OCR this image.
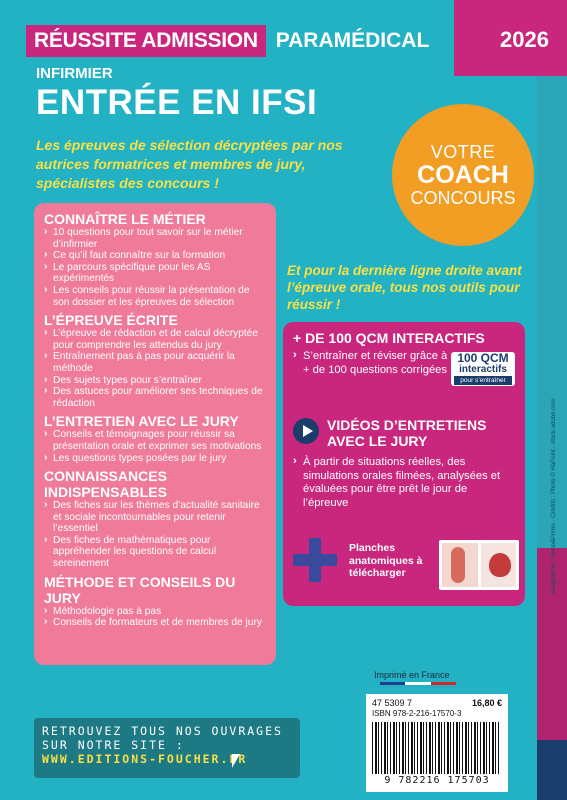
RÉUSSITE ADMISSION PARAMÉDICAL	2026
INFIRMIER
ENTRÉE EN IFSI
Les épreuves de sélection décryptées par nos autrices formatrices et membres de jury, spécialistes des concours !
VOTRE
COACH
CONCOURS
CONNAÎTRE LE MÉTIER
› 10 questions pour tout savoir sur le métier d’infirmier
› Ce qu’il faut connaître sur la formation
› Le parcours spécifique pour les AS expérimentés
› Les conseils pour réussir la présentation de son dossier et les épreuves de sélection
L’ÉPREUVE ÉCRITE
› L’épreuve de rédaction et de calcul décryptée pour comprendre les attendus du jury
› Entraînement pas à pas pour acquérir la méthode
› Des sujets types pour s’entraîner
› Des astuces pour améliorer ses techniques de rédaction
L’ENTRETIEN AVEC LE JURY
› Conseils et témoignages pour réussir sa présentation orale et exprimer ses motivations
› Les questions types posées par le jury
CONNAISSANCES INDISPENSABLES
› Des fiches sur les thèmes d’actualité sanitaire et sociale incontournables pour retenir l’essentiel
› Des fiches de mathématiques pour appréhender les questions de calcul sereinement
MÉTHODE ET CONSEILS DU JURY
› Méthodologie pas à pas
› Conseils de formateurs et de membres de jury
Et pour la dernière ligne droite avant l’épreuve orale, tous nos outils pour réussir !
+ DE 100 QCM INTERACTIFS
› S’entraîner et réviser grâce à + de 100 questions corrigées
100 QCM
interactifs
pour s’entraîner
VIDÉOS D’ENTRETIENS AVEC LE JURY
› À partir de situations réelles, des simulations orales filmées, analysées et évaluées pour être prêt le jour de l’épreuve
Planches anatomiques à télécharger	Graphisme : Primo&Primo · Crédits : Photo © HaPoint - stock.adobe.com
RETROUVEZ TOUS NOS OUVRAGES
SUR NOTRE SITE :
WWW.EDITIONS-FOUCHER.FR
Imprimé en France
47 5309 7	16,80 €
ISBN 978-2-216-17570-3
9 782216 175703
